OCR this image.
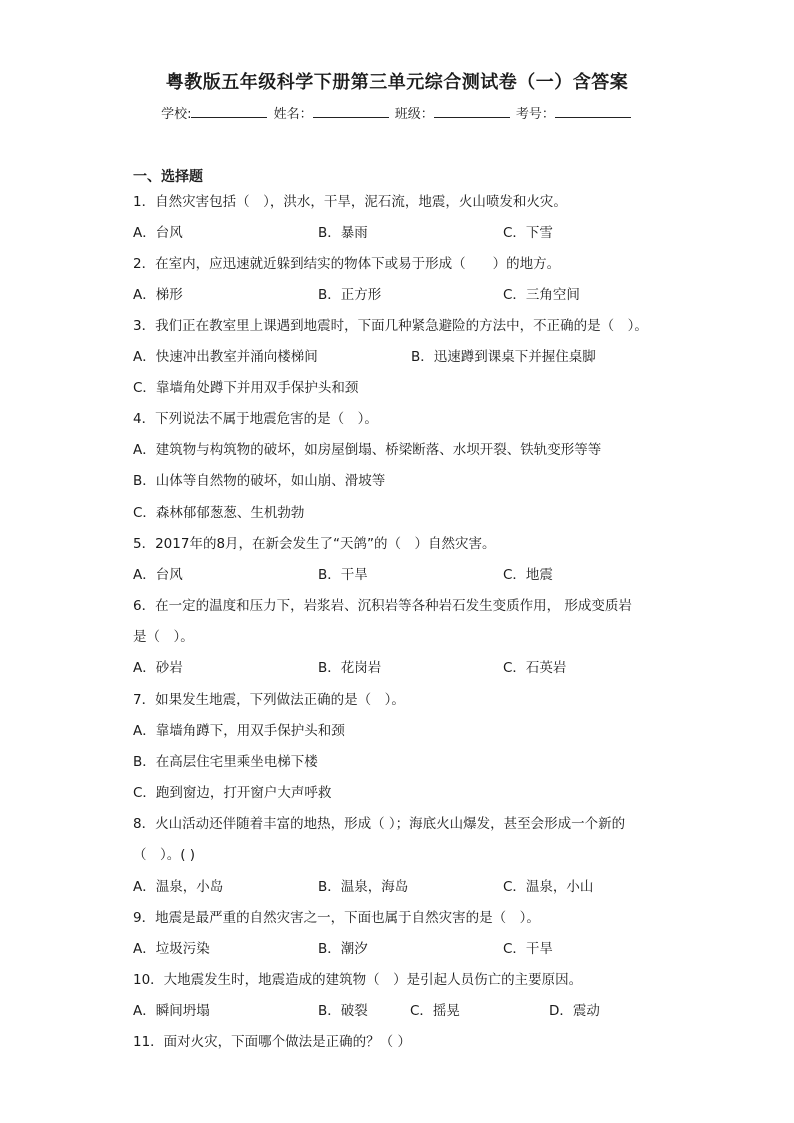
粤教版五年级科学下册第三单元综合测试卷（一）含答案
学校:	姓名：	班级：	考号：
一、选择题
1．自然灾害包括（　），洪水，干旱，泥石流，地震，火山喷发和火灾。
A．台风	B．暴雨	C．下雪
2．在室内，应迅速就近躲到结实的物体下或易于形成（　　）的地方。
A．梯形	B．正方形	C．三角空间
3．我们正在教室里上课遇到地震时，下面几种紧急避险的方法中，不正确的是（　）。
A．快速冲出教室并涌向楼梯间	B．迅速蹲到课桌下并握住桌脚
C．靠墙角处蹲下并用双手保护头和颈
4．下列说法不属于地震危害的是（　）。
A．建筑物与构筑物的破坏，如房屋倒塌、桥梁断落、水坝开裂、铁轨变形等等
B．山体等自然物的破坏，如山崩、滑坡等
C．森林郁郁葱葱、生机勃勃
5．2017年的8月，在新会发生了“天鸽”的（　）自然灾害。
A．台风	B．干旱	C．地震
6．在一定的温度和压力下，岩浆岩、沉积岩等各种岩石发生变质作用， 形成变质岩
是（　）。
A．砂岩	B．花岗岩	C．石英岩
7．如果发生地震，下列做法正确的是（　）。
A．靠墙角蹲下，用双手保护头和颈
B．在高层住宅里乘坐电梯下楼
C．跑到窗边，打开窗户大声呼救
8．火山活动还伴随着丰富的地热，形成（ ）；海底火山爆发，甚至会形成一个新的
（　）。( )
A．温泉，小岛	B．温泉，海岛	C．温泉，小山
9．地震是最严重的自然灾害之一，下面也属于自然灾害的是（　）。
A．垃圾污染	B．潮汐	C．干旱
10．大地震发生时，地震造成的建筑物（　）是引起人员伤亡的主要原因。
A．瞬间坍塌	B．破裂	C．摇晃	D．震动
11．面对火灾，下面哪个做法是正确的？（ ）
